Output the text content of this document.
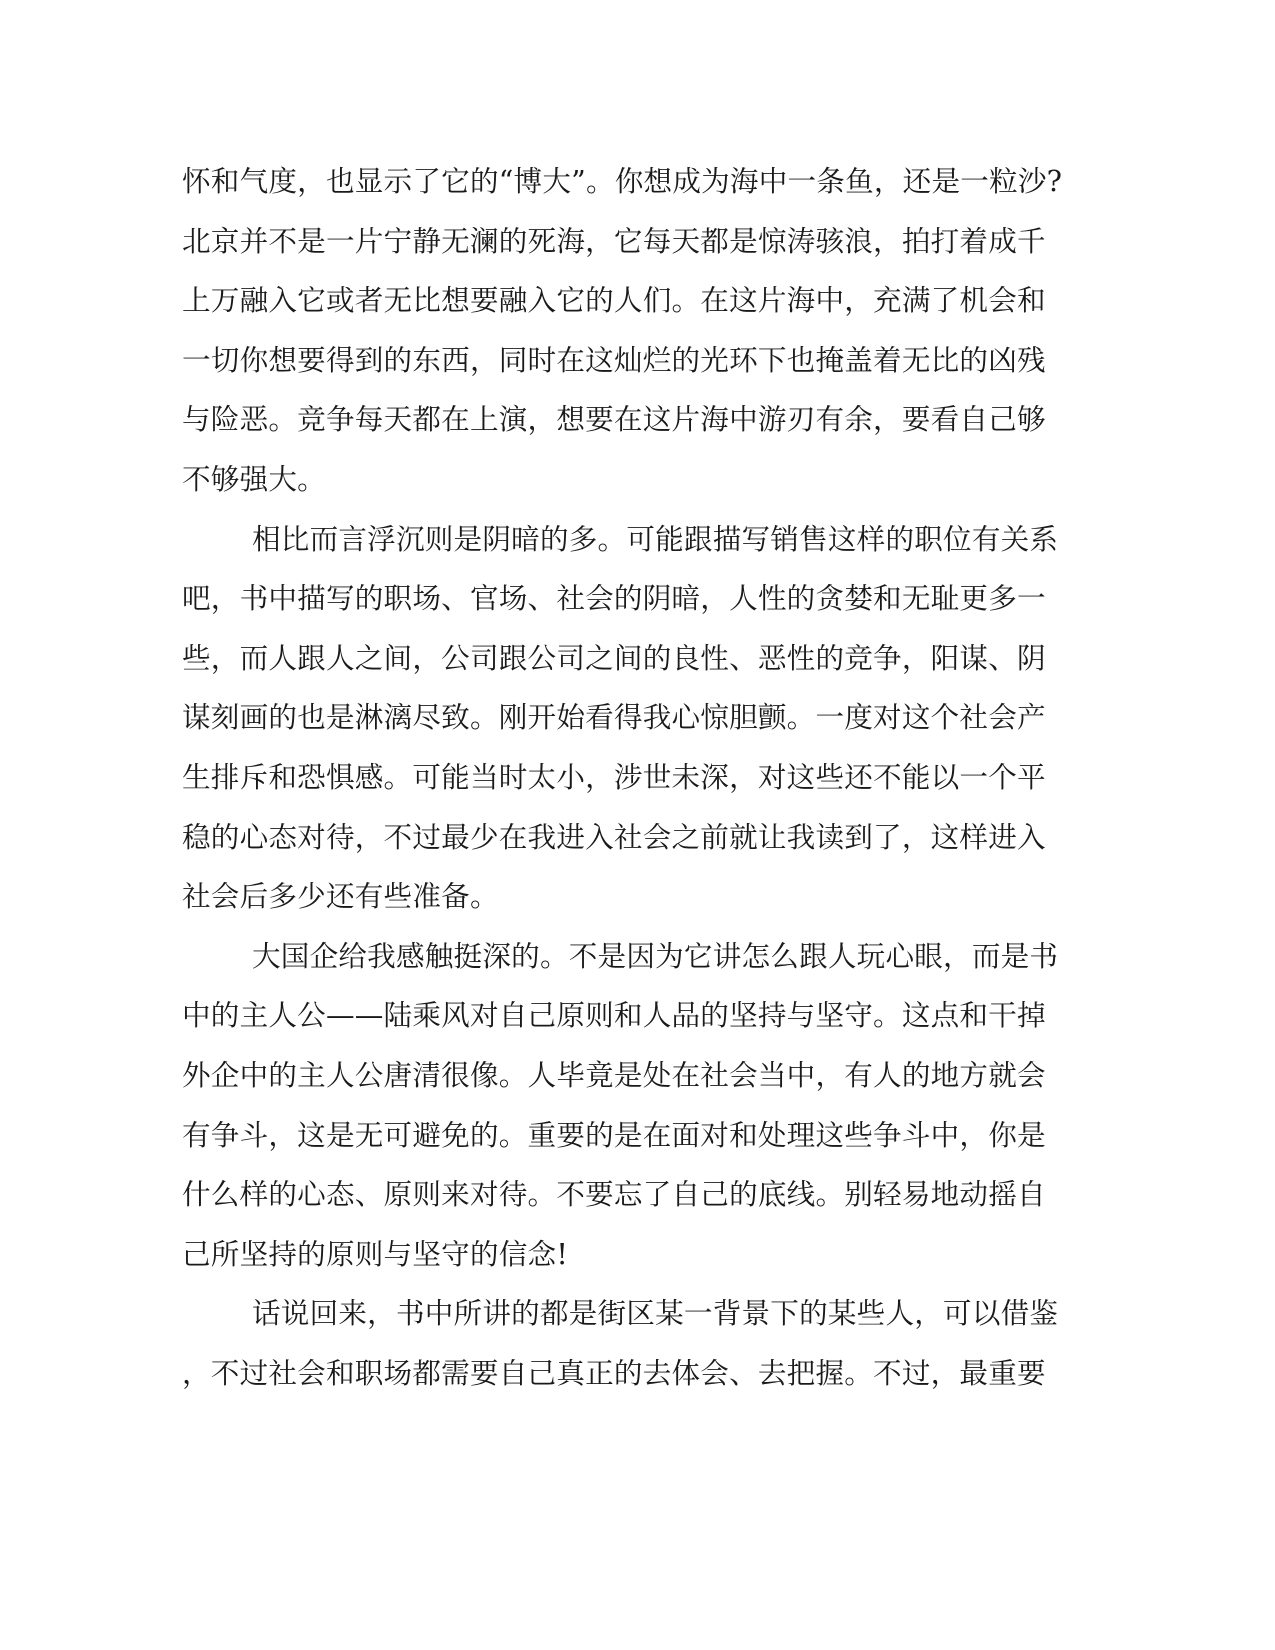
怀和气度，也显示了它的“博大”。你想成为海中一条鱼，还是一粒沙?
北京并不是一片宁静无澜的死海，它每天都是惊涛骇浪，拍打着成千
上万融入它或者无比想要融入它的人们。在这片海中，充满了机会和
一切你想要得到的东西，同时在这灿烂的光环下也掩盖着无比的凶残
与险恶。竞争每天都在上演，想要在这片海中游刃有余，要看自己够
不够强大。
相比而言浮沉则是阴暗的多。可能跟描写销售这样的职位有关系
吧，书中描写的职场、官场、社会的阴暗，人性的贪婪和无耻更多一
些，而人跟人之间，公司跟公司之间的良性、恶性的竞争，阳谋、阴
谋刻画的也是淋漓尽致。刚开始看得我心惊胆颤。一度对这个社会产
生排斥和恐惧感。可能当时太小，涉世未深，对这些还不能以一个平
稳的心态对待，不过最少在我进入社会之前就让我读到了，这样进入
社会后多少还有些准备。
大国企给我感触挺深的。不是因为它讲怎么跟人玩心眼，而是书
中的主人公——陆乘风对自己原则和人品的坚持与坚守。这点和干掉
外企中的主人公唐清很像。人毕竟是处在社会当中，有人的地方就会
有争斗，这是无可避免的。重要的是在面对和处理这些争斗中，你是
什么样的心态、原则来对待。不要忘了自己的底线。别轻易地动摇自
己所坚持的原则与坚守的信念!
话说回来，书中所讲的都是街区某一背景下的某些人，可以借鉴
，不过社会和职场都需要自己真正的去体会、去把握。不过，最重要
